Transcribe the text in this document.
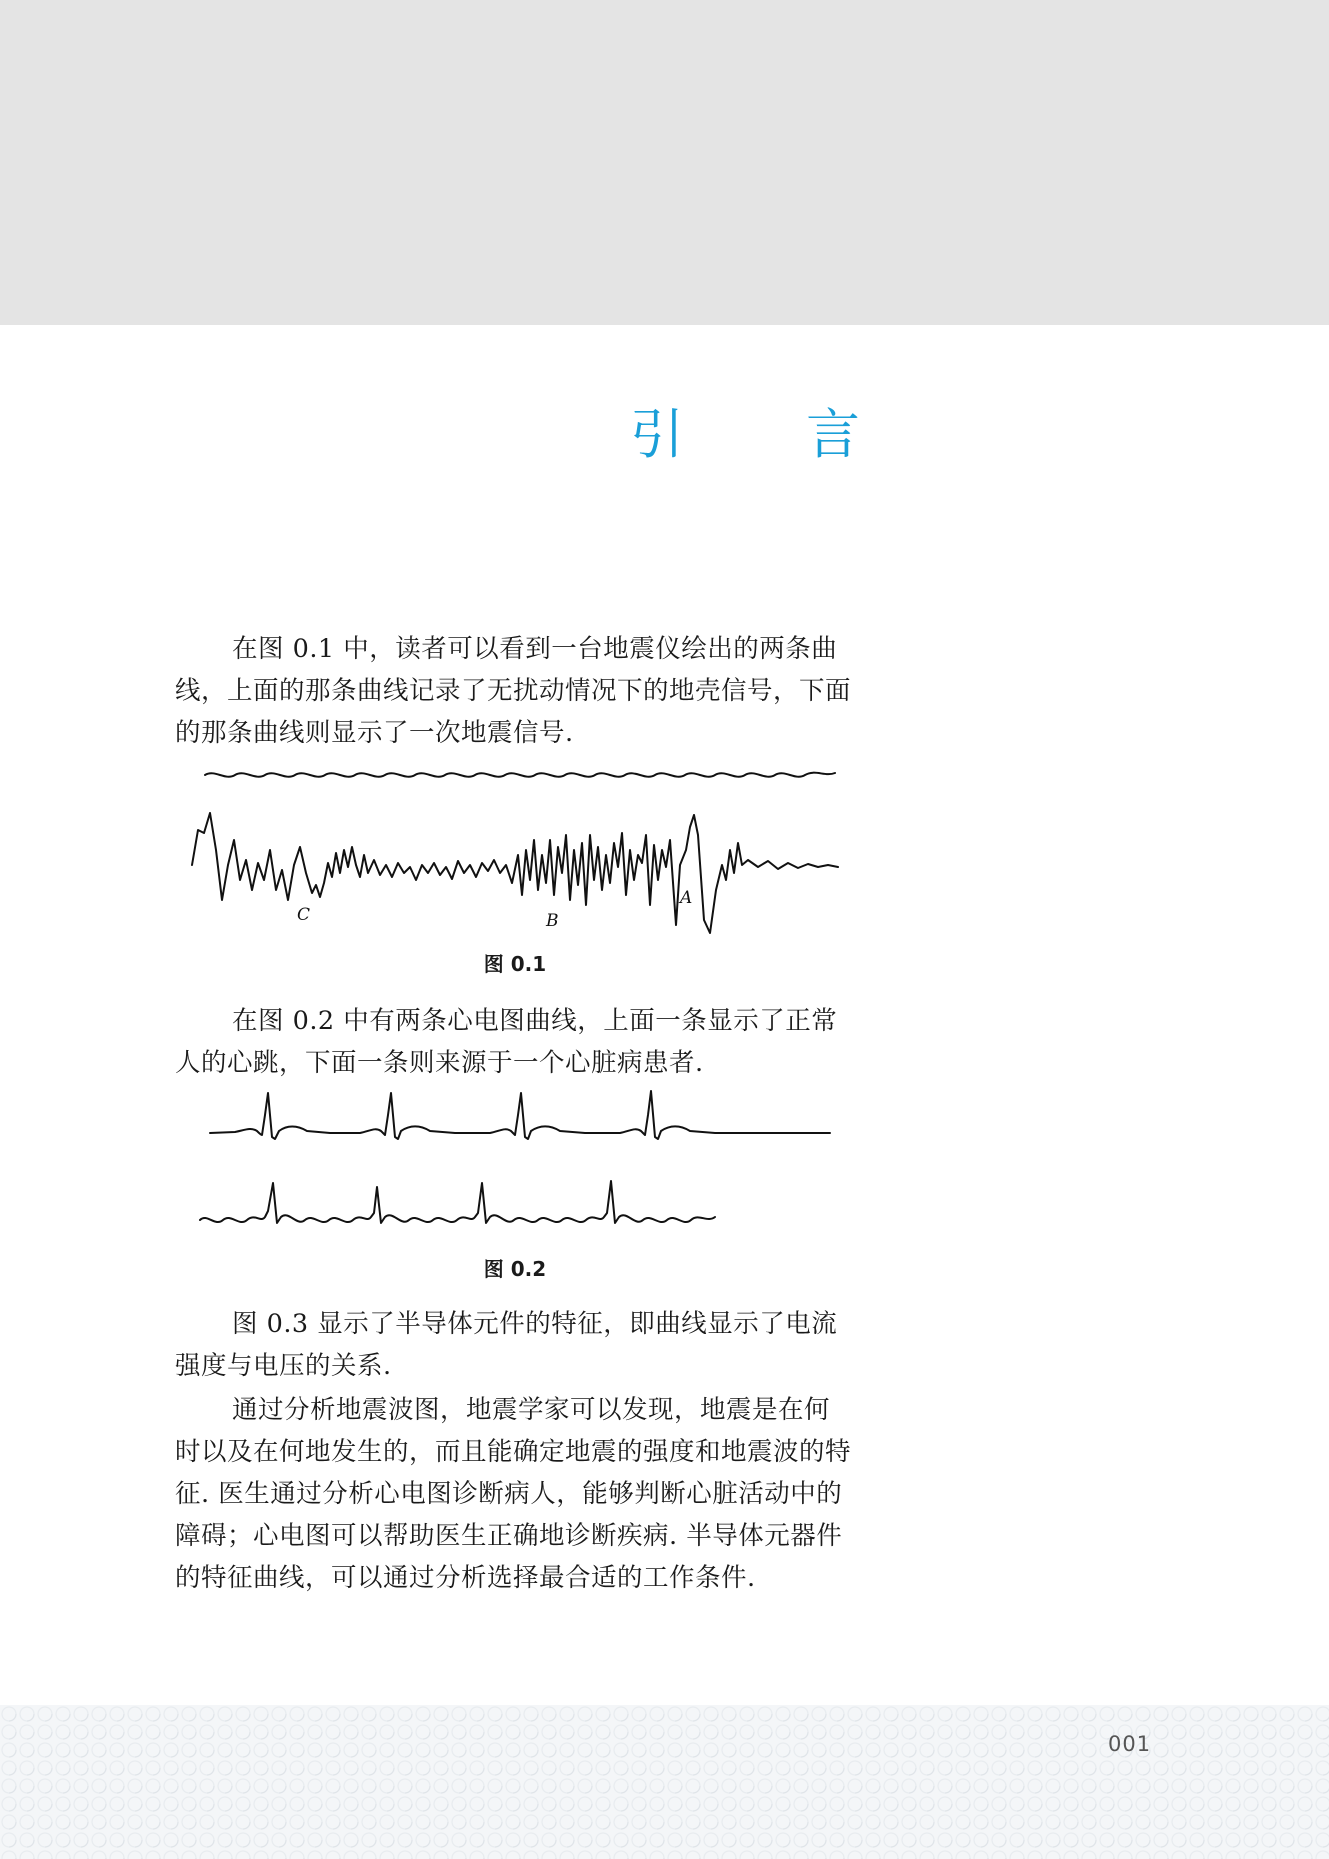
引 言

在图 0.1 中，读者可以看到一台地震仪绘出的两条曲线，上面的那条曲线记录了无扰动情况下的地壳信号，下面的那条曲线则显示了一次地震信号.

A
B
C
图 0.1

在图 0.2 中有两条心电图曲线，上面一条显示了正常人的心跳，下面一条则来源于一个心脏病患者.

图 0.2

图 0.3 显示了半导体元件的特征，即曲线显示了电流强度与电压的关系.

通过分析地震波图，地震学家可以发现，地震是在何时以及在何地发生的，而且能确定地震的强度和地震波的特征. 医生通过分析心电图诊断病人，能够判断心脏活动中的障碍；心电图可以帮助医生正确地诊断疾病. 半导体元器件的特征曲线，可以通过分析选择最合适的工作条件.

001
